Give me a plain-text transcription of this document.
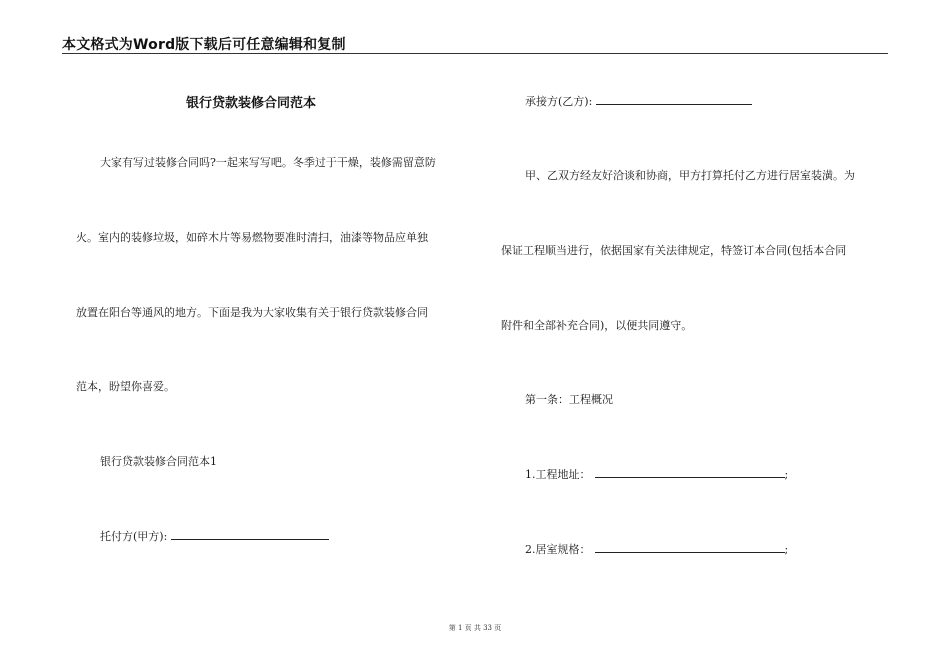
本文格式为Word版下载后可任意编辑和复制
银行贷款装修合同范本
大家有写过装修合同吗?一起来写写吧。冬季过于干燥，装修需留意防
火。室内的装修垃圾，如碎木片等易燃物要准时清扫，油漆等物品应单独
放置在阳台等通风的地方。下面是我为大家收集有关于银行贷款装修合同
范本，盼望你喜爱。
银行贷款装修合同范本1
托付方(甲方):
承接方(乙方):
甲、乙双方经友好洽谈和协商，甲方打算托付乙方进行居室装潢。为
保证工程顺当进行，依据国家有关法律规定，特签订本合同(包括本合同
附件和全部补充合同)，以便共同遵守。
第一条：工程概况
1.工程地址：	;
2.居室规格：	;
第 1 页 共 33 页
